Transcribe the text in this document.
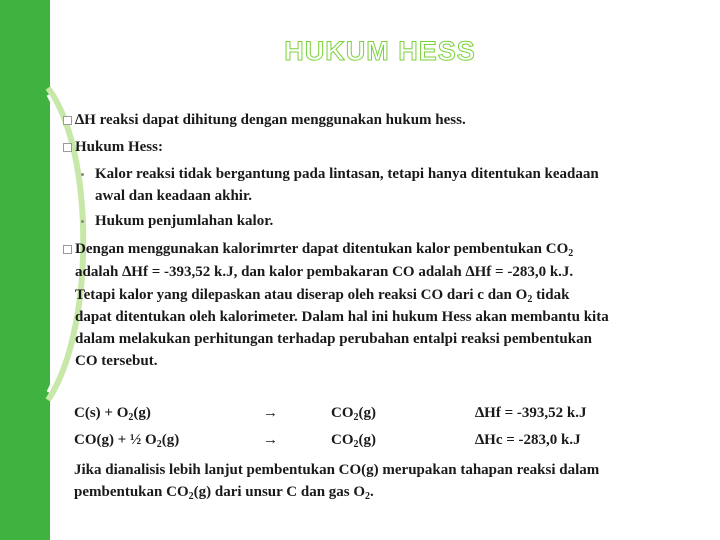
HUKUM HESS
∆H reaksi dapat dihitung dengan menggunakan hukum hess.
Hukum Hess:
Kalor reaksi tidak bergantung pada lintasan, tetapi hanya ditentukan keadaan
awal dan keadaan akhir.
Hukum penjumlahan kalor.
Dengan menggunakan kalorimrter dapat ditentukan kalor pembentukan $CO_2$
adalah ∆Hf = -393,52 k.J, dan kalor pembakaran CO adalah ∆Hf = -283,0 k.J.
Tetapi kalor yang dilepaskan atau diserap oleh reaksi CO dari c dan $O_2$ tidak
dapat ditentukan oleh kalorimeter. Dalam hal ini hukum Hess akan membantu kita
dalam melakukan perhitungan terhadap perubahan entalpi reaksi pembentukan
CO tersebut.
$C(s) + O_2(g)$	→	$CO_2(g)$	∆Hf = -393,52 k.J
CO(g) + ½ $O_2(g)$	→	$CO_2(g)$	∆Hc = -283,0 k.J
Jika dianalisis lebih lanjut pembentukan CO(g) merupakan tahapan reaksi dalam
pembentukan $CO_2(g)$ dari unsur C dan gas $O_2$.
